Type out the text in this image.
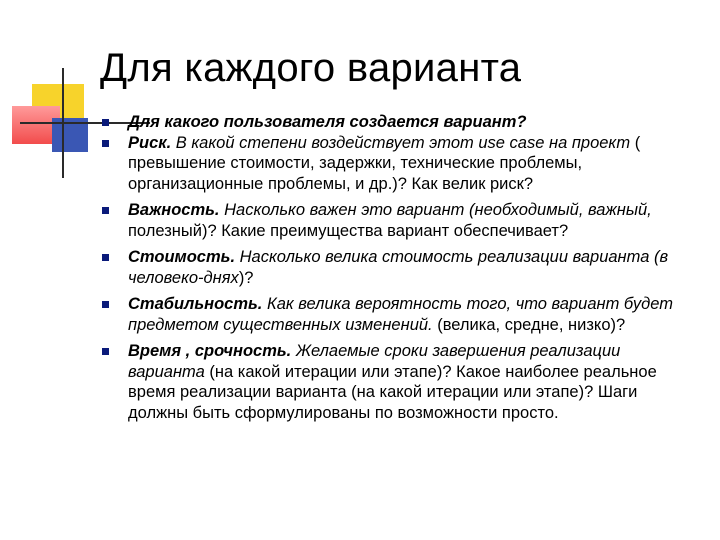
Для каждого варианта
Для какого пользователя создается вариант?
Риск. В какой степени воздействует этот use case на проект ( превышение стоимости, задержки, технические проблемы, организационные проблемы, и др.)? Как велик риск?
Важность. Насколько важен это вариант (необходимый, важный, полезный)? Какие преимущества вариант обеспечивает?
Стоимость. Насколько велика стоимость реализации варианта (в человеко-днях)?
Стабильность. Как велика вероятность того, что вариант будет предметом существенных изменений. (велика, средне, низко)?
Время , срочность. Желаемые сроки завершения реализации варианта (на какой итерации или этапе)? Какое наиболее реальное время реализации варианта (на какой итерации или этапе)? Шаги должны быть сформулированы по возможности просто.
